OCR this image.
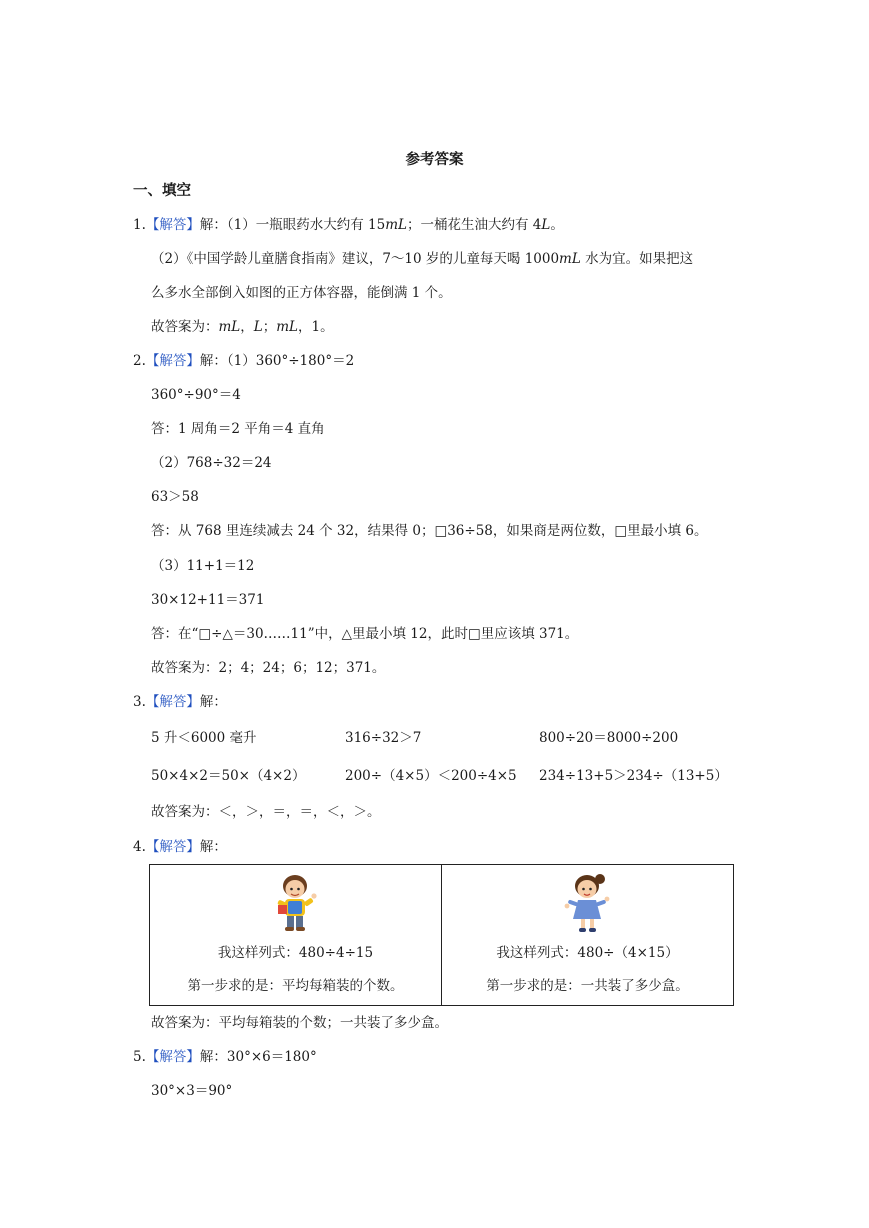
参考答案
一、填空
1.【解答】解：（1）一瓶眼药水大约有 15mL；一桶花生油大约有 4L。
（2）《中国学龄儿童膳食指南》建议，7～10 岁的儿童每天喝 1000mL 水为宜。如果把这
么多水全部倒入如图的正方体容器，能倒满 1 个。
故答案为：mL，L；mL，1。
2.【解答】解：（1）360°÷180°＝2
360°÷90°＝4
答：1 周角＝2 平角＝4 直角
（2）768÷32＝24
63＞58
答：从 768 里连续减去 24 个 32，结果得 0；□36÷58，如果商是两位数，□里最小填 6。
（3）11+1＝12
30×12+11＝371
答：在“□÷△＝30……11”中，△里最小填 12，此时□里应该填 371。
故答案为：2；4；24；6；12；371。
3.【解答】解：
5 升＜6000 毫升	316÷32＞7	800÷20＝8000÷200
50×4×2＝50×（4×2）	200÷（4×5）＜200÷4×5 234÷13+5＞234÷（13+5）
故答案为：＜，＞，＝，＝，＜，＞。
4.【解答】解：
我这样列式：480÷4÷15
第一步求的是：平均每箱装的个数。

我这样列式：480÷（4×15）
第一步求的是：一共装了多少盒。
故答案为：平均每箱装的个数；一共装了多少盒。
5.【解答】解：30°×6＝180°
30°×3＝90°
